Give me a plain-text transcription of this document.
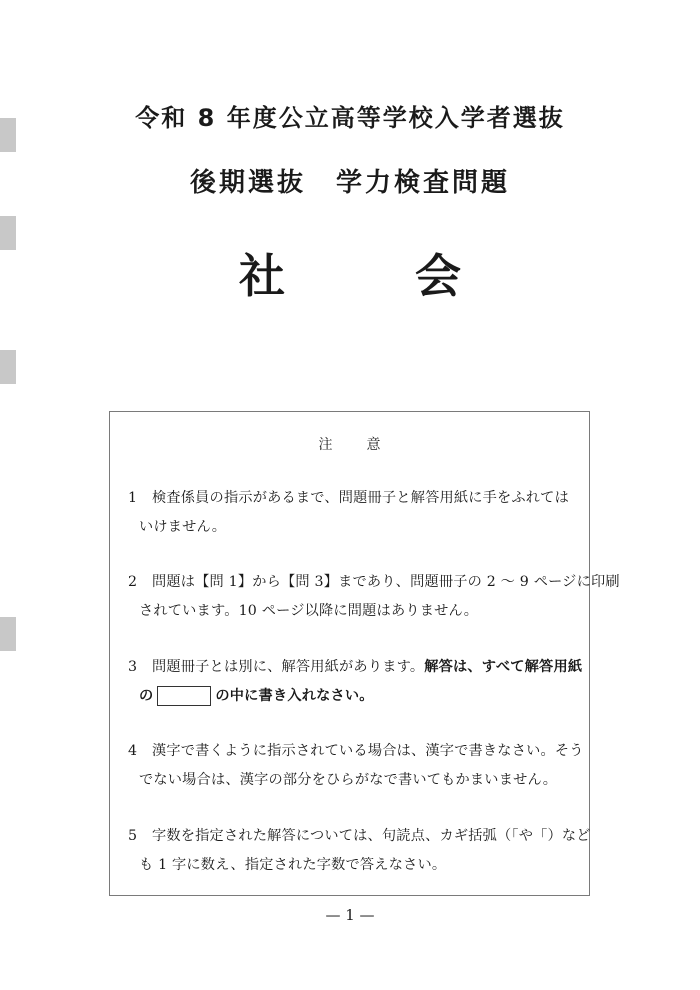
令和 8 年度公立高等学校入学者選抜
後期選抜 学力検査問題
社	会
注意
1 検査係員の指示があるまで、問題冊子と解答用紙に手をふれては
いけません。
2 問題は【問 1】から【問 3】まであり、問題冊子の 2 〜 9 ページに印刷
されています。10 ページ以降に問題はありません。
3 問題冊子とは別に、解答用紙があります。解答は、すべて解答用紙
の	の中に書き入れなさい。
4 漢字で書くように指示されている場合は、漢字で書きなさい。そう
でない場合は、漢字の部分をひらがなで書いてもかまいません。
5 字数を指定された解答については、句読点、カギ括弧（「や「）など
も 1 字に数え、指定された字数で答えなさい。
— 1 —
